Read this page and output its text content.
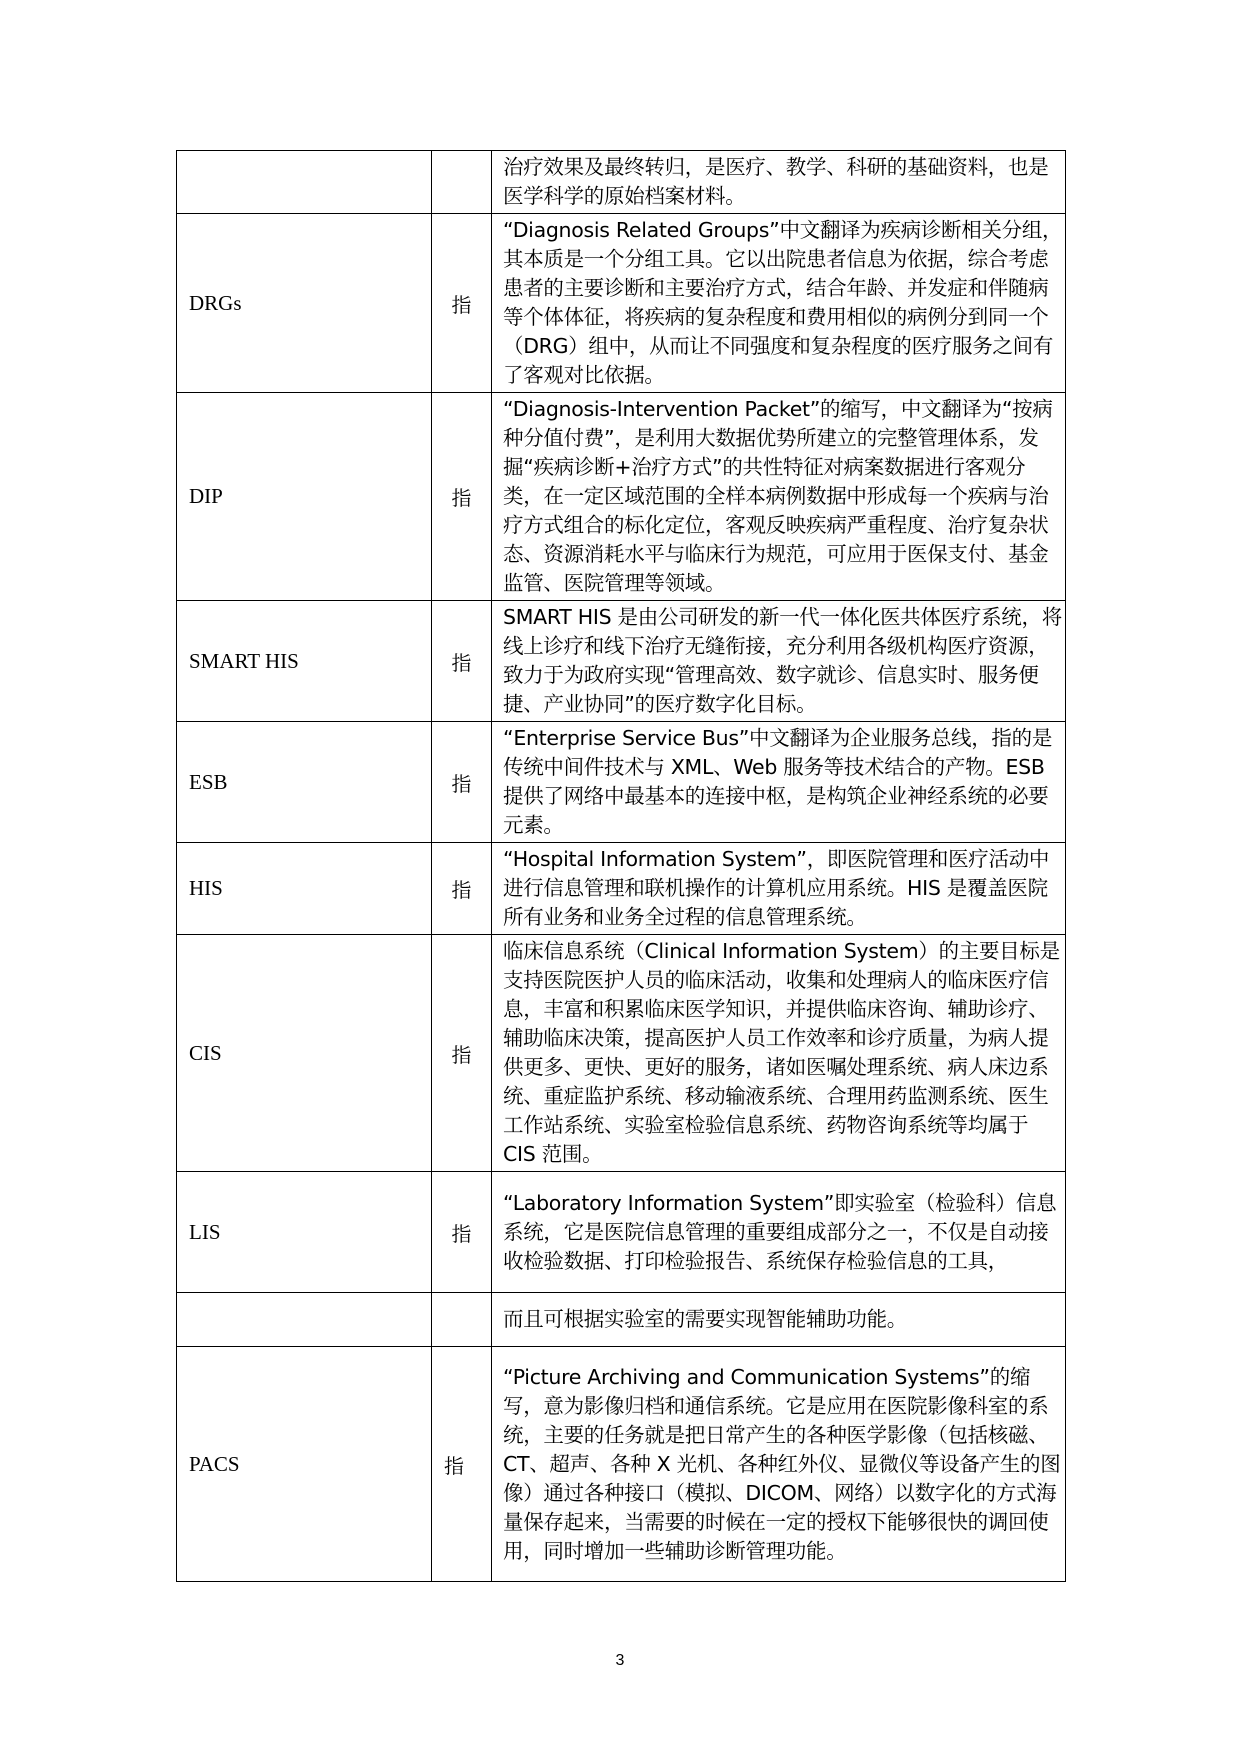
		治疗效果及最终转归，是医疗、教学、科研的基础资料，也是医学科学的原始档案材料。
DRGs	指	“Diagnosis Related Groups”中文翻译为疾病诊断相关分组，其本质是一个分组工具。它以出院患者信息为依据，综合考虑患者的主要诊断和主要治疗方式，结合年龄、并发症和伴随病等个体体征，将疾病的复杂程度和费用相似的病例分到同一个（DRG）组中，从而让不同强度和复杂程度的医疗服务之间有了客观对比依据。
DIP	指	“Diagnosis-Intervention Packet”的缩写，中文翻译为“按病种分值付费”，是利用大数据优势所建立的完整管理体系，发掘“疾病诊断+治疗方式”的共性特征对病案数据进行客观分类，在一定区域范围的全样本病例数据中形成每一个疾病与治疗方式组合的标化定位，客观反映疾病严重程度、治疗复杂状态、资源消耗水平与临床行为规范，可应用于医保支付、基金监管、医院管理等领域。
SMART HIS	指	SMART HIS 是由公司研发的新一代一体化医共体医疗系统，将线上诊疗和线下治疗无缝衔接，充分利用各级机构医疗资源，致力于为政府实现“管理高效、数字就诊、信息实时、服务便捷、产业协同”的医疗数字化目标。
ESB	指	“Enterprise Service Bus”中文翻译为企业服务总线，指的是传统中间件技术与 XML、Web 服务等技术结合的产物。ESB 提供了网络中最基本的连接中枢，是构筑企业神经系统的必要元素。
HIS	指	“Hospital Information System”，即医院管理和医疗活动中进行信息管理和联机操作的计算机应用系统。HIS 是覆盖医院所有业务和业务全过程的信息管理系统。
CIS	指	临床信息系统（Clinical Information System）的主要目标是支持医院医护人员的临床活动，收集和处理病人的临床医疗信息，丰富和积累临床医学知识，并提供临床咨询、辅助诊疗、辅助临床决策，提高医护人员工作效率和诊疗质量，为病人提供更多、更快、更好的服务，诸如医嘱处理系统、病人床边系统、重症监护系统、移动输液系统、合理用药监测系统、医生工作站系统、实验室检验信息系统、药物咨询系统等均属于 CIS 范围。
LIS	指	“Laboratory Information System”即实验室（检验科）信息系统，它是医院信息管理的重要组成部分之一，不仅是自动接收检验数据、打印检验报告、系统保存检验信息的工具，
		而且可根据实验室的需要实现智能辅助功能。
PACS	指	“Picture Archiving and Communication Systems”的缩写，意为影像归档和通信系统。它是应用在医院影像科室的系统，主要的任务就是把日常产生的各种医学影像（包括核磁、 CT、超声、各种 X 光机、各种红外仪、显微仪等设备产生的图像）通过各种接口（模拟、DICOM、网络）以数字化的方式海量保存起来，当需要的时候在一定的授权下能够很快的调回使用，同时增加一些辅助诊断管理功能。
3
